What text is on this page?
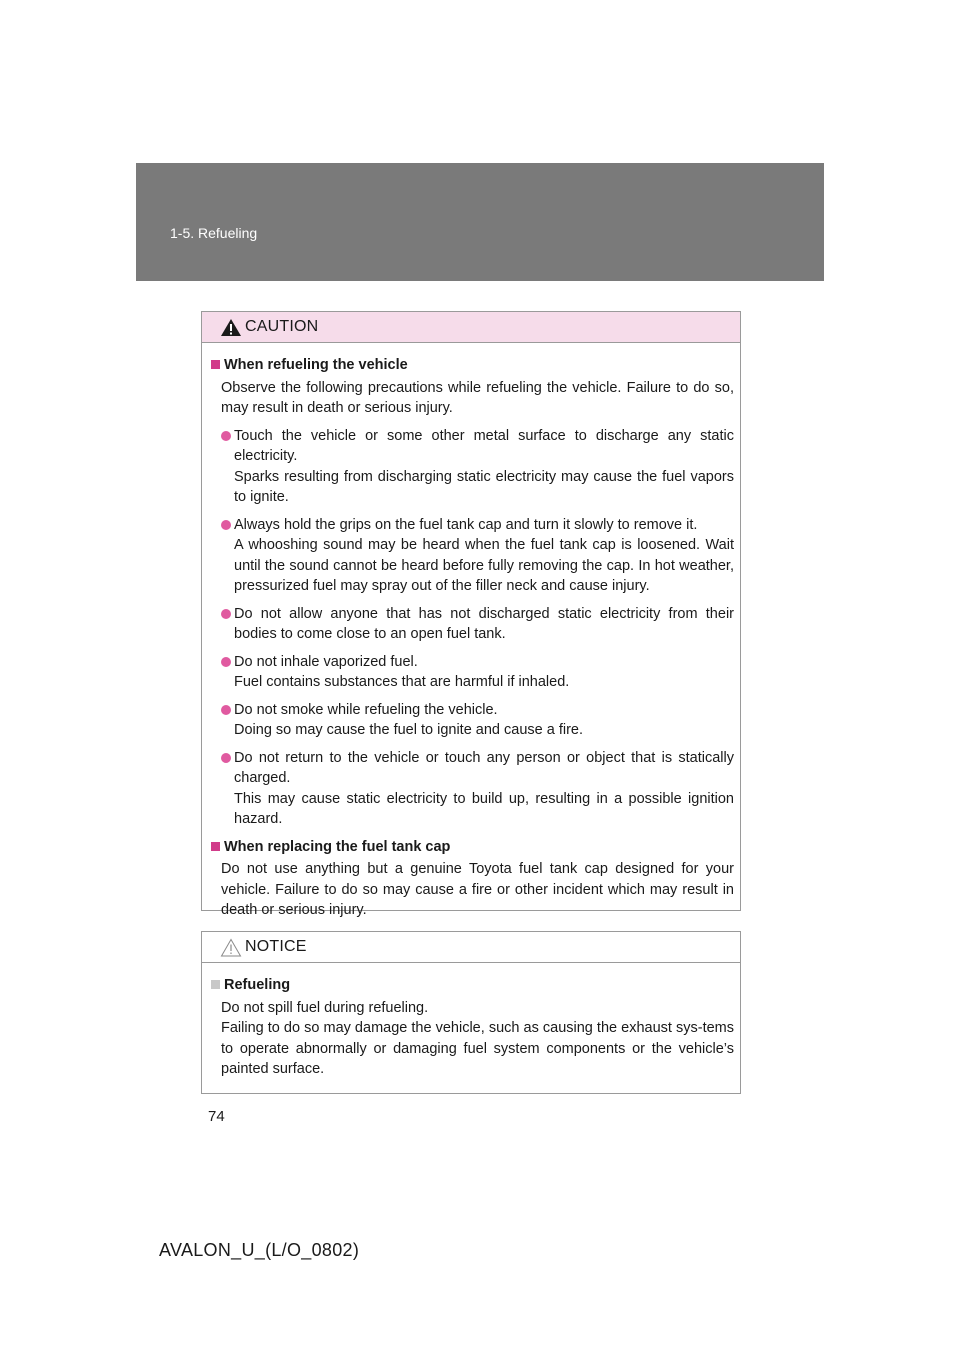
1-5. Refueling
CAUTION
When refueling the vehicle
Observe the following precautions while refueling the vehicle. Failure to do so, may result in death or serious injury.
Touch the vehicle or some other metal surface to discharge any static electricity.
Sparks resulting from discharging static electricity may cause the fuel vapors to ignite.
Always hold the grips on the fuel tank cap and turn it slowly to remove it.
A whooshing sound may be heard when the fuel tank cap is loosened. Wait until the sound cannot be heard before fully removing the cap. In hot weather, pressurized fuel may spray out of the filler neck and cause injury.
Do not allow anyone that has not discharged static electricity from their bodies to come close to an open fuel tank.
Do not inhale vaporized fuel.
Fuel contains substances that are harmful if inhaled.
Do not smoke while refueling the vehicle.
Doing so may cause the fuel to ignite and cause a fire.
Do not return to the vehicle or touch any person or object that is statically charged.
This may cause static electricity to build up, resulting in a possible ignition hazard.
When replacing the fuel tank cap
Do not use anything but a genuine Toyota fuel tank cap designed for your vehicle. Failure to do so may cause a fire or other incident which may result in death or serious injury.
NOTICE
Refueling
Do not spill fuel during refueling.
Failing to do so may damage the vehicle, such as causing the exhaust sys-tems to operate abnormally or damaging fuel system components or the vehicle’s painted surface.
74
AVALON_U_(L/O_0802)
